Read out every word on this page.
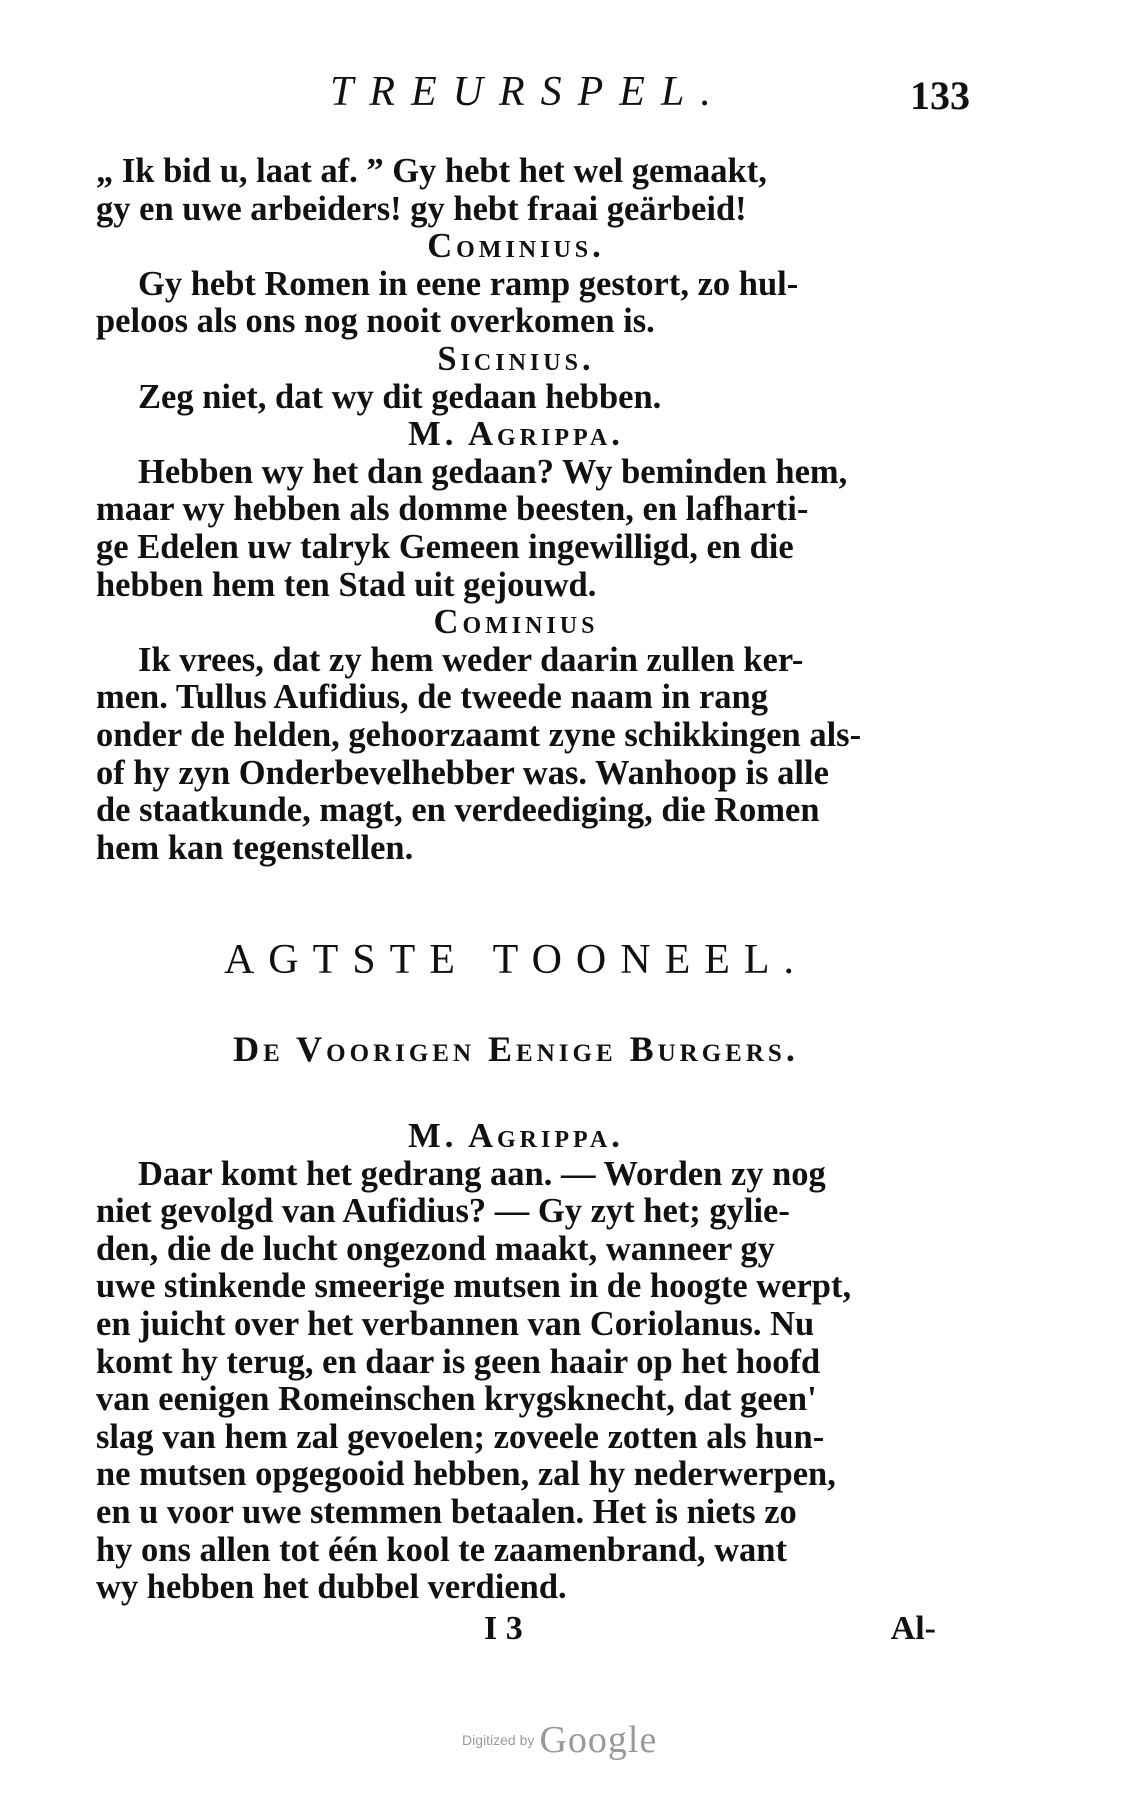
TREURSPEL.	133
„ Ik bid u, laat af. ” Gy hebt het wel gemaakt,
gy en uwe arbeiders! gy hebt fraai geärbeid!
Cominius.
Gy hebt Romen in eene ramp gestort, zo hul-
peloos als ons nog nooit overkomen is.
Sicinius.
Zeg niet, dat wy dit gedaan hebben.
M. Agrippa.
Hebben wy het dan gedaan? Wy beminden hem,
maar wy hebben als domme beesten, en lafharti-
ge Edelen uw talryk Gemeen ingewilligd, en die
hebben hem ten Stad uit gejouwd.
Cominius
Ik vrees, dat zy hem weder daarin zullen ker-
men. Tullus Aufidius, de tweede naam in rang
onder de helden, gehoorzaamt zyne schikkingen als-
of hy zyn Onderbevelhebber was. Wanhoop is alle
de staatkunde, magt, en verdeediging, die Romen
hem kan tegenstellen.
AGTSTE TOONEEL.
De Voorigen Eenige Burgers.
M. Agrippa.
Daar komt het gedrang aan. — Worden zy nog
niet gevolgd van Aufidius? — Gy zyt het; gylie-
den, die de lucht ongezond maakt, wanneer gy
uwe stinkende smeerige mutsen in de hoogte werpt,
en juicht over het verbannen van Coriolanus. Nu
komt hy terug, en daar is geen haair op het hoofd
van eenigen Romeinschen krygsknecht, dat geen'
slag van hem zal gevoelen; zoveele zotten als hun-
ne mutsen opgegooid hebben, zal hy nederwerpen,
en u voor uwe stemmen betaalen. Het is niets zo
hy ons allen tot één kool te zaamenbrand, want
wy hebben het dubbel verdiend.
I 3	Al-
Digitized by Google
